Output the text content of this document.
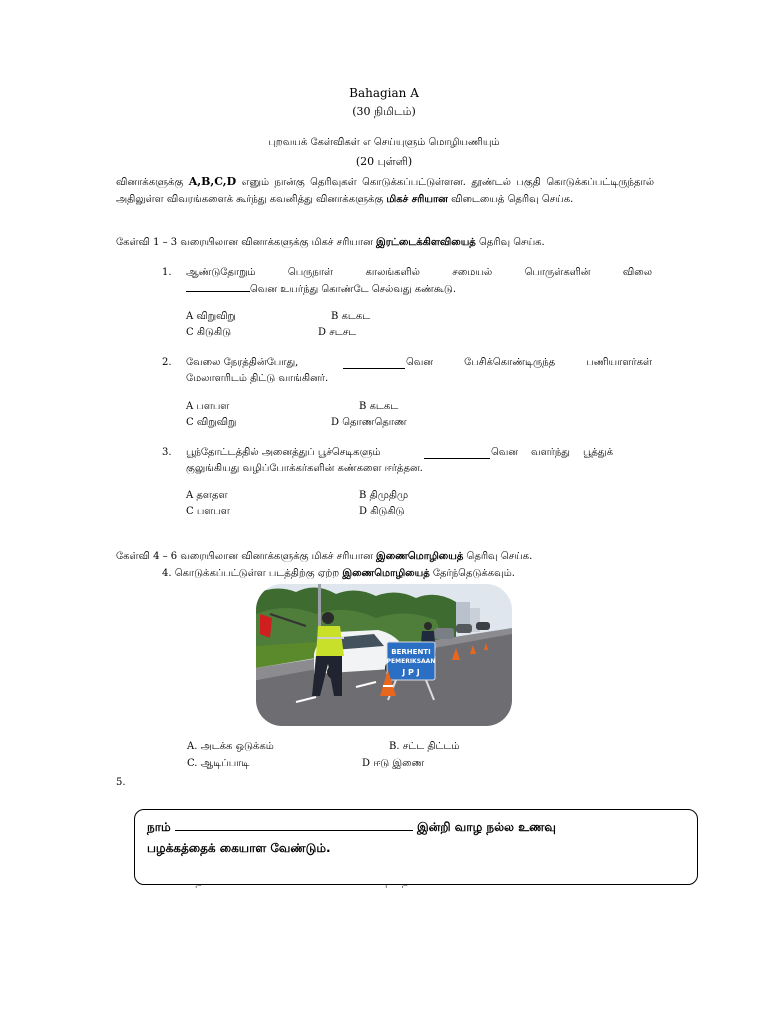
Bahagian A
(30 நிமிடம்)
புறவயக் கேள்விகள் எ செய்யுளும் மொழியணியும்
(20 புள்ளி)
வினாக்களுக்கு A,B,C,D எனும் நான்கு தெரிவுகள் கொடுக்கப்பட்டுள்ளன. தூண்டல் பகுதி கொடுக்கப்பட்டிருந்தால் அதிலுள்ள விவரங்களைக் கூர்ந்து கவனித்து வினாக்களுக்கு மிகச் சரியான விடையைத் தெரிவு செய்க.
கேள்வி 1 – 3 வரையிலான வினாக்களுக்கு மிகச் சரியான இரட்டைக்கிளவியைத் தெரிவு செய்க.
1. ஆண்டுதோறும் பெருநாள் காலங்களில் சமையல் பொருள்களின் விலை
வென உயர்ந்து கொண்டே செல்வது கண்கூடு.
A விறுவிறு	B கடகட
C கிடுகிடு	D சடசட
2. வேலை நேரத்தின்போது,	வென பேசிக்கொண்டிருந்த பணியாளர்கள்
மேலாளரிடம் திட்டு வாங்கினர்.
A பளபள	B கடகட
C விறுவிறு	D தொணதொண
3. பூந்தோட்டத்தில் அனைத்துப் பூச்செடிகளும்	வென வளர்ந்து பூத்துக்
குலுங்கியது வழிப்போக்கர்களின் கண்களை ஈர்த்தன.
A தளதள	B திமுதிமு
C பளபள	D கிடுகிடு
கேள்வி 4 – 6 வரையிலான வினாக்களுக்கு மிகச் சரியான இணைமொழியைத் தெரிவு செய்க.
4. கொடுக்கப்பட்டுள்ள படத்திற்கு ஏற்ற இணைமொழியைத் தேர்ந்தெடுக்கவும்.
BERHENTI
PEMERIKSAAN
J P J
A. அடக்க ஒடுக்கம்	B. சட்ட திட்டம்
C. ஆடிப்பாடி	D ஈடு இணை
5.
நாம்	இன்றி வாழ நல்ல உணவு
பழக்கத்தைக் கையாள வேண்டும்.
